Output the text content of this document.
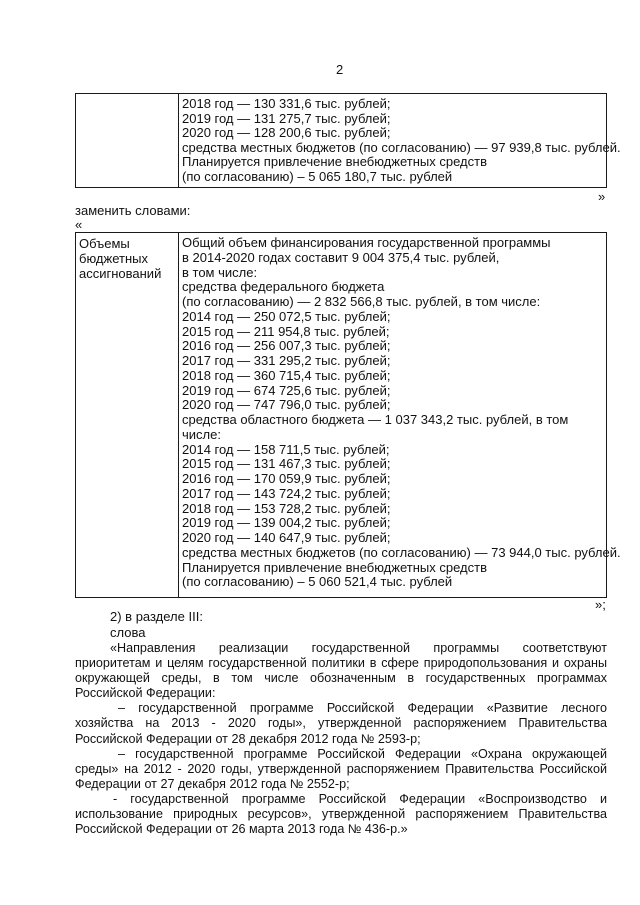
2
2018 год — 130 331,6 тыс. рублей;
2019 год — 131 275,7 тыс. рублей;
2020 год — 128 200,6 тыс. рублей;
средства местных бюджетов (по согласованию) — 97 939,8 тыс. рублей.
Планируется привлечение внебюджетных средств
(по согласованию) – 5 065 180,7 тыс. рублей
»
заменить словами:
«
Объемы
бюджетных
ассигнований
Общий объем финансирования государственной программы
в 2014-2020 годах составит 9 004 375,4 тыс. рублей,
в том числе:
средства федерального бюджета
(по согласованию) — 2 832 566,8 тыс. рублей, в том числе:
2014 год — 250 072,5 тыс. рублей;
2015 год — 211 954,8 тыс. рублей;
2016 год — 256 007,3 тыс. рублей;
2017 год — 331 295,2 тыс. рублей;
2018 год — 360 715,4 тыс. рублей;
2019 год — 674 725,6 тыс. рублей;
2020 год — 747 796,0 тыс. рублей;
средства областного бюджета — 1 037 343,2 тыс. рублей, в том
числе:
2014 год — 158 711,5 тыс. рублей;
2015 год — 131 467,3 тыс. рублей;
2016 год — 170 059,9 тыс. рублей;
2017 год — 143 724,2 тыс. рублей;
2018 год — 153 728,2 тыс. рублей;
2019 год — 139 004,2 тыс. рублей;
2020 год — 140 647,9 тыс. рублей;
средства местных бюджетов (по согласованию) — 73 944,0 тыс. рублей.
Планируется привлечение внебюджетных средств
(по согласованию) – 5 060 521,4 тыс. рублей
»;
2) в разделе III:
слова
«Направления реализации государственной программы соответствуют
приоритетам и целям государственной политики в сфере природопользования и охраны
окружающей среды, в том числе обозначенным в государственных программах
Российской Федерации:
– государственной программе Российской Федерации «Развитие лесного
хозяйства на 2013 - 2020 годы», утвержденной распоряжением Правительства
Российской Федерации от 28 декабря 2012 года № 2593-р;
– государственной программе Российской Федерации «Охрана окружающей
среды» на 2012 - 2020 годы, утвержденной распоряжением Правительства Российской
Федерации от 27 декабря 2012 года № 2552-р;
- государственной программе Российской Федерации «Воспроизводство и
использование природных ресурсов», утвержденной распоряжением Правительства
Российской Федерации от 26 марта 2013 года № 436-р.»
